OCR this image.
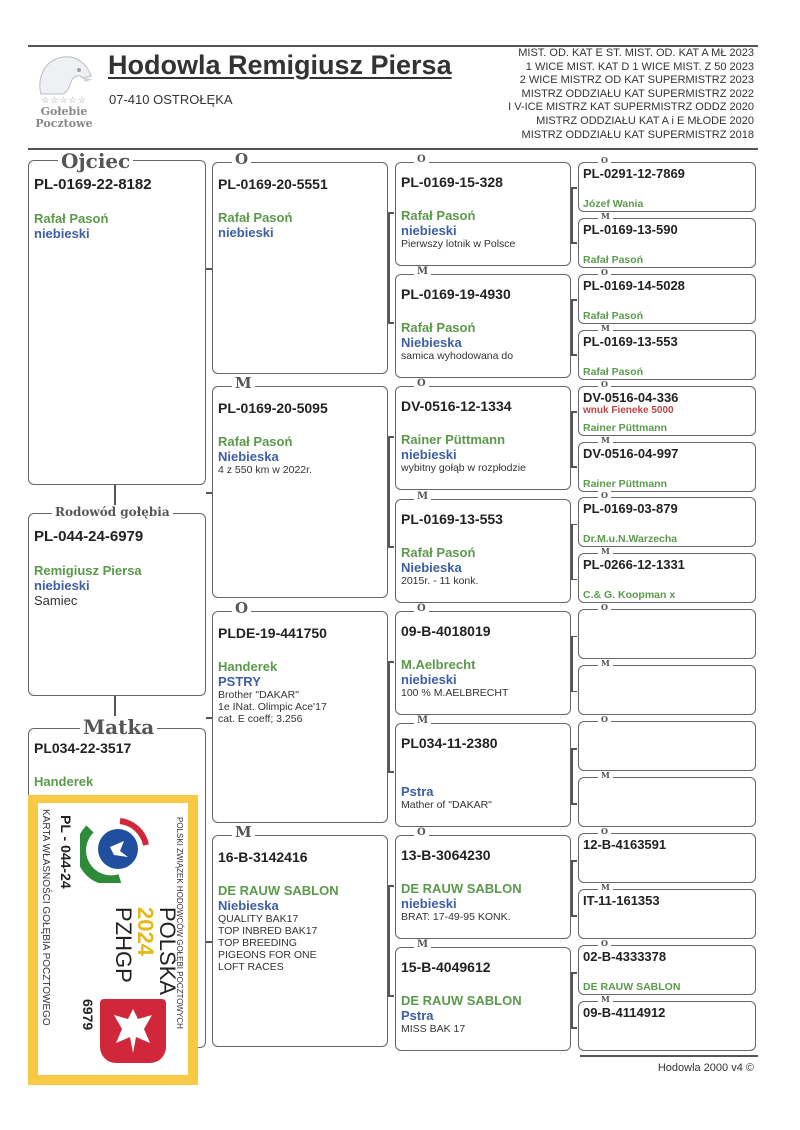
☆☆☆☆☆
Gołebie
Pocztowe
Hodowla Remigiusz Piersa
07-410 OSTROŁĘKA
MIST. OD. KAT E ST. MIST. OD. KAT A MŁ 2023
1 WICE MIST. KAT D 1 WICE MIST. Z 50 2023
2 WICE MISTRZ OD KAT SUPERMISTRZ 2023
MISTRZ ODDZIAŁU KAT SUPERMISTRZ 2022
I V-ICE MISTRZ KAT SUPERMISTRZ ODDZ 2020
MISTRZ ODDZIAŁU KAT A i E MŁODE 2020
MISTRZ ODDZIAŁU KAT SUPERMISTRZ 2018
Ojciec
PL-0169-22-8182
Rafał Pasoń
niebieski
Rodowód gołębia
PL-044-24-6979
Remigiusz Piersa
niebieski
Samiec
Matka
PL034-22-3517
Handerek
POLSKI ZWIĄZEK HODOWCÓW GOŁĘBI POCZTOWYCH
KARTA WŁASNOŚCI GOŁĘBIA POCZTOWEGO PL - 044-24
POLSKA
2024
PZHGP
6979
O
PL-0169-20-5551
Rafał Pasoń
niebieski
M
PL-0169-20-5095
Rafał Pasoń
Niebieska
4 z 550 km w 2022r.
O
PLDE-19-441750
Handerek
PSTRY
Brother "DAKAR"
1e INat. Olimpic Ace'17
cat. E coeff; 3.256
M
16-B-3142416
DE RAUW SABLON
Niebieska
QUALITY BAK17
TOP INBRED BAK17
TOP BREEDING
PIGEONS FOR ONE
LOFT RACES
O
PL-0169-15-328
Rafał Pasoń
niebieski
Pierwszy lotnik w Polsce
M
PL-0169-19-4930
Rafał Pasoń
Niebieska
samica wyhodowana do
O
DV-0516-12-1334
Rainer Püttmann
niebieski
wybitny gołąb w rozpłodzie
M
PL-0169-13-553
Rafał Pasoń
Niebieska
2015r. - 11 konk.
O
09-B-4018019
M.Aelbrecht
niebieski
100 % M.AELBRECHT
M
PL034-11-2380
Pstra
Mather of "DAKAR"
O
13-B-3064230
DE RAUW SABLON
niebieski
BRAT: 17-49-95 KONK.
M
15-B-4049612
DE RAUW SABLON
Pstra
MISS BAK 17
O
PL-0291-12-7869
Józef Wania
M
PL-0169-13-590
Rafał Pasoń
O
PL-0169-14-5028
Rafał Pasoń
M
PL-0169-13-553
Rafał Pasoń
O
DV-0516-04-336
wnuk Fieneke 5000
Rainer Püttmann
M
DV-0516-04-997
Rainer Püttmann
O
PL-0169-03-879
Dr.M.u.N.Warzecha
M
PL-0266-12-1331
C.& G. Koopman x
O
M
O
M
O
12-B-4163591
M
IT-11-161353
O
02-B-4333378
DE RAUW SABLON
M
09-B-4114912
Hodowla 2000 v4 ©
